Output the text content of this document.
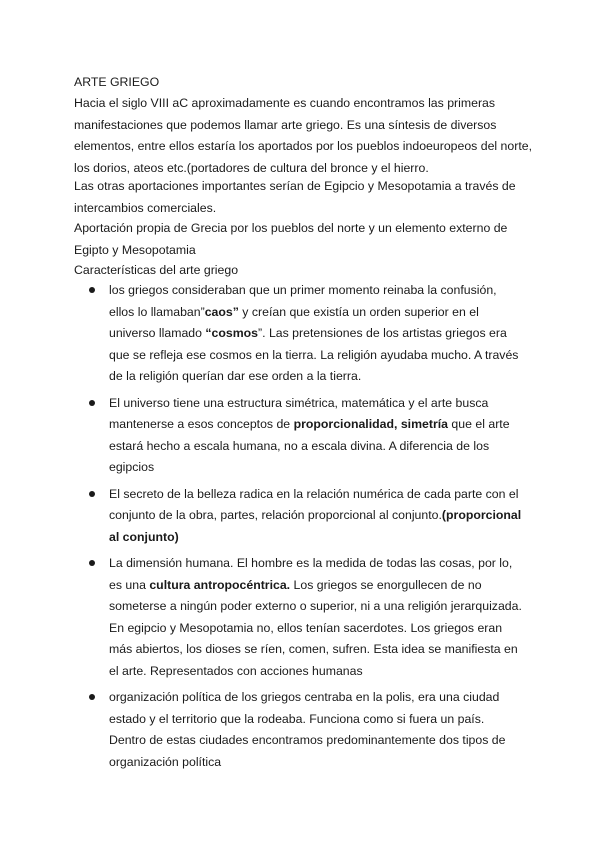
ARTE GRIEGO

Hacia el siglo VIII aC aproximadamente es cuando encontramos las primeras manifestaciones que podemos llamar arte griego. Es una síntesis de diversos elementos, entre ellos estaría los aportados por los pueblos indoeuropeos del norte, los dorios, ateos etc.(portadores de cultura del bronce y el hierro.

Las otras aportaciones importantes serían de Egipcio y Mesopotamia a través de intercambios comerciales.

Aportación propia de Grecia por los pueblos del norte y un elemento externo de Egipto y Mesopotamia

Características del arte griego

los griegos consideraban que un primer momento reinaba la confusión, ellos lo llamaban”caos” y creían que existía un orden superior en el universo llamado “cosmos”. Las pretensiones de los artistas griegos era que se refleja ese cosmos en la tierra. La religión ayudaba mucho. A través de la religión querían dar ese orden a la tierra.
El universo tiene una estructura simétrica, matemática y el arte busca mantenerse a esos conceptos de proporcionalidad, simetría que el arte estará hecho a escala humana, no a escala divina. A diferencia de los egipcios
El secreto de la belleza radica en la relación numérica de cada parte con el conjunto de la obra, partes, relación proporcional al conjunto.(proporcional al conjunto)
La dimensión humana. El hombre es la medida de todas las cosas, por lo, es una cultura antropocéntrica. Los griegos se enorgullecen de no someterse a ningún poder externo o superior, ni a una religión jerarquizada. En egipcio y Mesopotamia no, ellos tenían sacerdotes. Los griegos eran más abiertos, los dioses se ríen, comen, sufren. Esta idea se manifiesta en el arte. Representados con acciones humanas
organización política de los griegos centraba en la polis, era una ciudad estado y el territorio que la rodeaba. Funciona como si fuera un país. Dentro de estas ciudades encontramos predominantemente dos tipos de organización política
